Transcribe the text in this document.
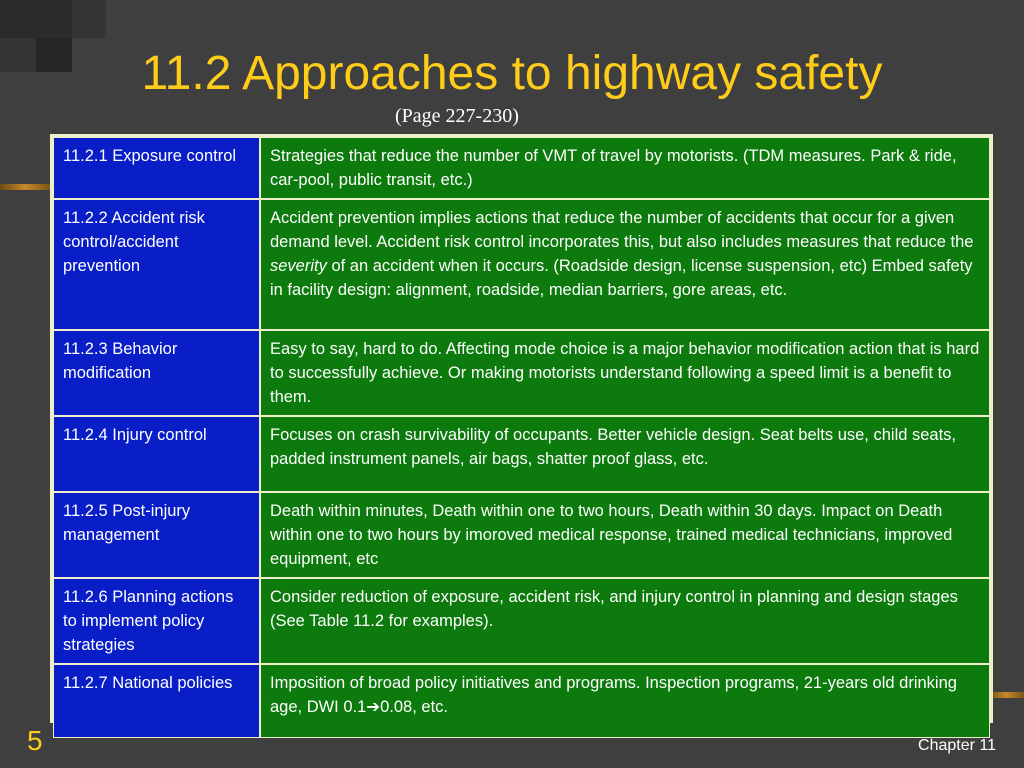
11.2 Approaches to highway safety
(Page 227-230)
11.2.1 Exposure control	Strategies that reduce the number of VMT of travel by motorists. (TDM measures. Park & ride, car-pool, public transit, etc.)
11.2.2 Accident risk control/accident prevention	Accident prevention implies actions that reduce the number of accidents that occur for a given demand level. Accident risk control incorporates this, but also includes measures that reduce the severity of an accident when it occurs. (Roadside design, license suspension, etc) Embed safety in facility design: alignment, roadside, median barriers, gore areas, etc.
11.2.3 Behavior modification	Easy to say, hard to do. Affecting mode choice is a major behavior modification action that is hard to successfully achieve. Or making motorists understand following a speed limit is a benefit to them.
11.2.4 Injury control	Focuses on crash survivability of occupants. Better vehicle design. Seat belts use, child seats, padded instrument panels, air bags, shatter proof glass, etc.
11.2.5 Post-injury management	Death within minutes, Death within one to two hours, Death within 30 days. Impact on Death within one to two hours by imoroved medical response, trained medical technicians, improved equipment, etc
11.2.6 Planning actions to implement policy strategies	Consider reduction of exposure, accident risk, and injury control in planning and design stages (See Table 11.2 for examples).
11.2.7 National policies	Imposition of broad policy initiatives and programs. Inspection programs, 21-years old drinking age, DWI 0.1➔0.08, etc.
5	Chapter 11
